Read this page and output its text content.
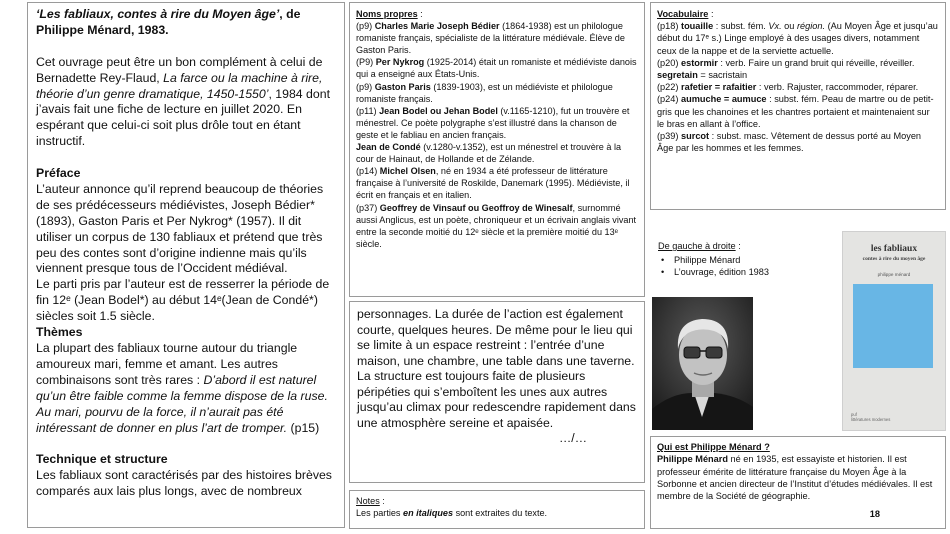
‘Les fabliaux, contes à rire du Moyen âge’, de Philippe Ménard, 1983.

Cet ouvrage peut être un bon complément à celui de Bernadette Rey-Flaud, La farce ou la machine à rire, théorie d’un genre dramatique, 1450-1550’, 1984 dont j’avais fait une fiche de lecture en juillet 2020. En espérant que celui-ci soit plus drôle tout en étant instructif.

Préface

L’auteur annonce qu’il reprend beaucoup de théories de ses prédécesseurs médiévistes, Joseph Bédier* (1893), Gaston Paris et Per Nykrog* (1957). Il dit utiliser un corpus de 130 fabliaux et prétend que très peu des contes sont d’origine indienne mais qu’ils viennent presque tous de l’Occident médiéval.

Le parti pris par l’auteur est de resserrer la période de fin 12ᵉ (Jean Bodel*) au début 14ᵉ(Jean de Condé*) siècles soit 1.5 siècle.

Thèmes

La plupart des fabliaux tourne autour du triangle amoureux mari, femme et amant. Les autres combinaisons sont très rares : D’abord il est naturel qu’un être faible comme la femme dispose de la ruse. Au mari, pourvu de la force, il n’aurait pas été intéressant de donner en plus l’art de tromper. (p15)

Technique et structure

Les fabliaux sont caractérisés par des histoires brèves comparés aux lais plus longs, avec de nombreux

Noms propres :

(p9) Charles Marie Joseph Bédier (1864-1938) est un philologue romaniste français, spécialiste de la littérature médiévale. Élève de Gaston Paris.

(P9) Per Nykrog (1925-2014) était un romaniste et médiéviste danois qui a enseigné aux États-Unis.

(p9) Gaston Paris (1839-1903), est un médiéviste et philologue romaniste français.

(p11) Jean Bodel ou Jehan Bodel (v.1165-1210), fut un trouvère et ménestrel. Ce poète polygraphe s’est illustré dans la chanson de geste et le fabliau en ancien français.

Jean de Condé (v.1280-v.1352), est un ménestrel et trouvère à la cour de Hainaut, de Hollande et de Zélande.

(p14) Michel Olsen, né en 1934 a été professeur de littérature française à l’université de Roskilde, Danemark (1995). Médiéviste, il écrit en français et en italien.

(p37) Geoffrey de Vinsauf ou Geoffroy de Winesalf, surnommé aussi Anglicus, est un poète, chroniqueur et un écrivain anglais vivant entre la seconde moitié du 12ᵉ siècle et la première moitié du 13ᵉ siècle.

personnages. La durée de l’action est également courte, quelques heures. De même pour le lieu qui se limite à un espace restreint : l’entrée d’une maison, une chambre, une table dans une taverne.

La structure est toujours faite de plusieurs péripéties qui s’emboîtent les unes aux autres jusqu’au climax pour redescendre rapidement dans une atmosphère sereine et apaisée.

…/…

Notes :

Les parties en italiques sont extraites du texte.

Vocabulaire :

(p18) touaille : subst. fém. Vx. ou région. (Au Moyen Âge et jusqu’au début du 17ᵉ s.) Linge employé à des usages divers, notamment ceux de la nappe et de la serviette actuelle.

(p20) estormir : verb. Faire un grand bruit qui réveille, réveiller. segretain = sacristain

(p22) rafetier = rafaitier : verb. Rajuster, raccommoder, réparer.

(p24) aumuche = aumuce : subst. fém. Peau de martre ou de petit-gris que les chanoines et les chantres portaient et maintenaient sur le bras en allant à l’office.

(p39) surcot : subst. masc. Vêtement de dessus porté au Moyen Âge par les hommes et les femmes.

De gauche à droite :

• Philippe Ménard
• L’ouvrage, édition 1983
les fabliaux
contes à rire du moyen âge
philippe ménard
puf
littératures modernes

Qui est Philippe Ménard ?

Philippe Ménard né en 1935, est essayiste et historien. Il est professeur émérite de littérature française du Moyen Âge à la Sorbonne et ancien directeur de l’Institut d’études médiévales. Il est membre de la Société de géographie.

18
